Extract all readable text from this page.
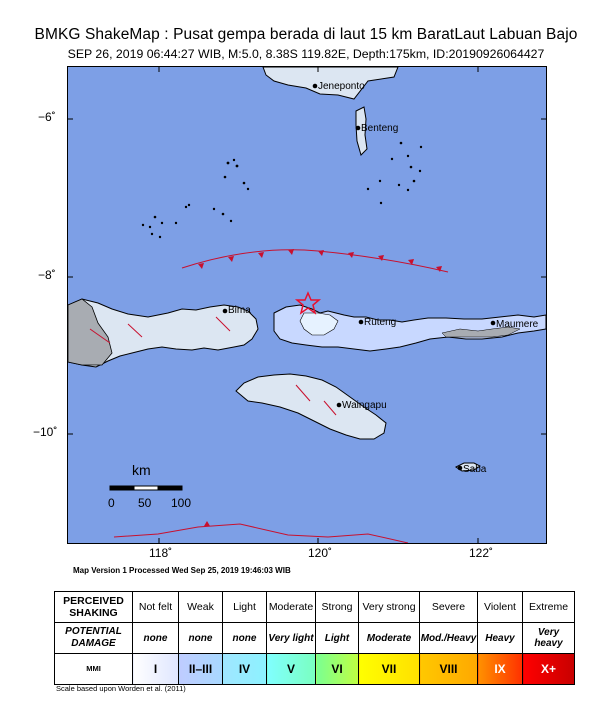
BMKG ShakeMap : Pusat gempa berada di laut 15 km BaratLaut Labuan Bajo
SEP 26, 2019 06:44:27 WIB, M:5.0, 8.38S 119.82E, Depth:175km, ID:20190926064427
−6˚
−8˚
−10˚
Jeneponto
Benteng
Bima
Ruteng	Maumere
Waingapu
Saba
km
0 50 100
118˚	120˚	122˚
Map Version 1 Processed Wed Sep 25, 2019 19:46:03 WIB
PERCEIVED SHAKING	Not felt	Weak	Light	Moderate	Strong	Very strong	Severe	Violent	Extreme
POTENTIAL DAMAGE	none	none	none	Very light	Light	Moderate	Mod./Heavy	Heavy	Very heavy
MMI	I	II–III	IV	V	VI	VII	VIII	IX	X+
Scale based upon Worden et al. (2011)
